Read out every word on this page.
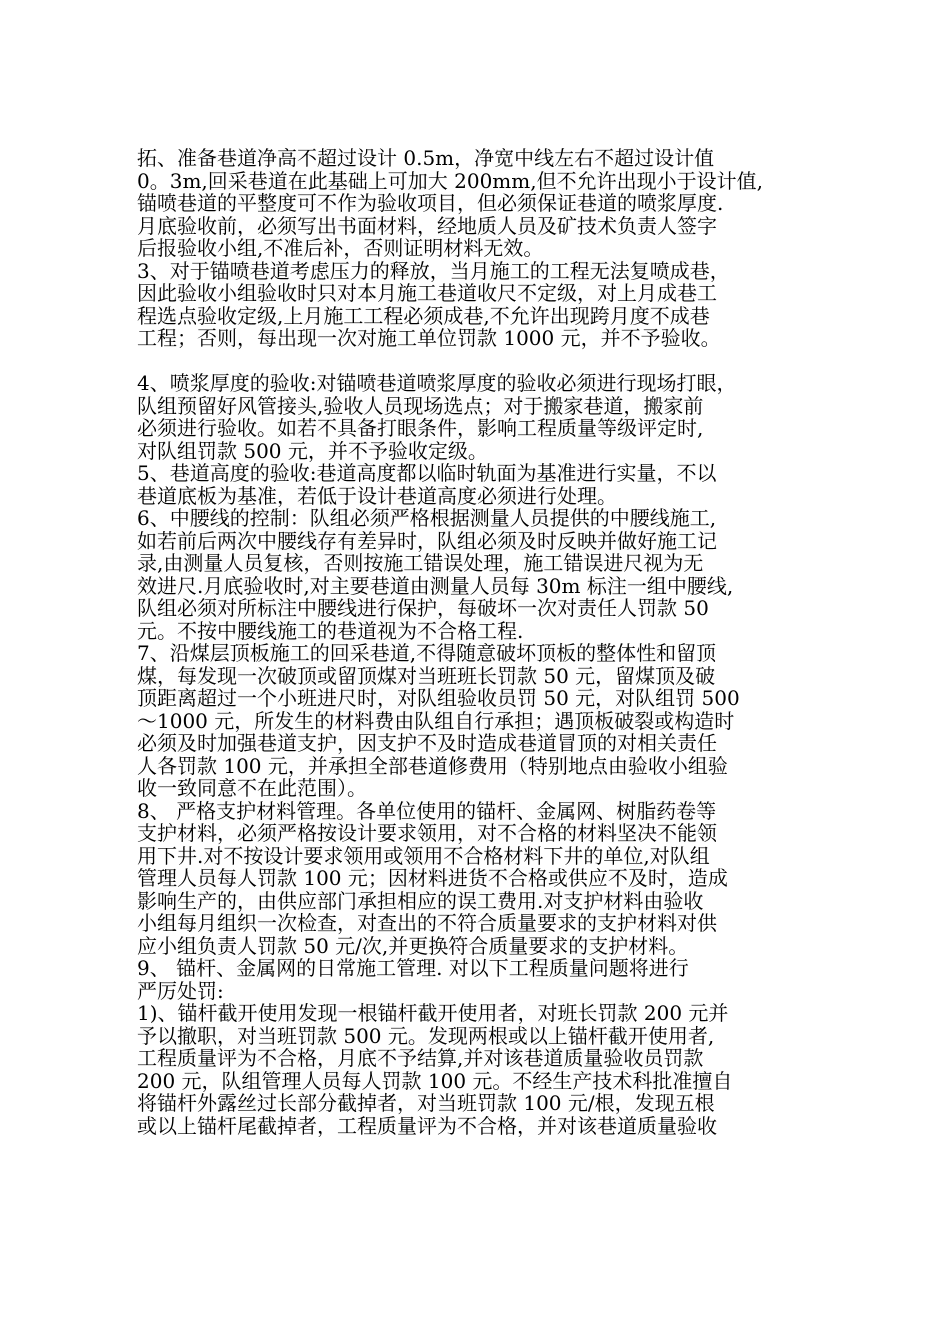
拓、准备巷道净高不超过设计 0.5m，净宽中线左右不超过设计值
0。3m,回采巷道在此基础上可加大 200mm,但不允许出现小于设计值,
锚喷巷道的平整度可不作为验收项目，但必须保证巷道的喷浆厚度.
月底验收前，必须写出书面材料，经地质人员及矿技术负责人签字
后报验收小组,不准后补，否则证明材料无效。
3、对于锚喷巷道考虑压力的释放，当月施工的工程无法复喷成巷，
因此验收小组验收时只对本月施工巷道收尺不定级，对上月成巷工
程选点验收定级,上月施工工程必须成巷,不允许出现跨月度不成巷
工程；否则，每出现一次对施工单位罚款 1000 元，并不予验收。
4、喷浆厚度的验收:对锚喷巷道喷浆厚度的验收必须进行现场打眼，
队组预留好风管接头,验收人员现场选点；对于搬家巷道，搬家前
必须进行验收。如若不具备打眼条件，影响工程质量等级评定时,
对队组罚款 500 元，并不予验收定级。
5、巷道高度的验收:巷道高度都以临时轨面为基准进行实量，不以
巷道底板为基准，若低于设计巷道高度必须进行处理。
6、中腰线的控制：队组必须严格根据测量人员提供的中腰线施工,
如若前后两次中腰线存有差异时，队组必须及时反映并做好施工记
录,由测量人员复核，否则按施工错误处理，施工错误进尺视为无
效进尺.月底验收时,对主要巷道由测量人员每 30m 标注一组中腰线,
队组必须对所标注中腰线进行保护，每破坏一次对责任人罚款 50
元。不按中腰线施工的巷道视为不合格工程.
7、沿煤层顶板施工的回采巷道,不得随意破坏顶板的整体性和留顶
煤，每发现一次破顶或留顶煤对当班班长罚款 50 元，留煤顶及破
顶距离超过一个小班进尺时，对队组验收员罚 50 元，对队组罚 500
～1000 元，所发生的材料费由队组自行承担；遇顶板破裂或构造时
必须及时加强巷道支护，因支护不及时造成巷道冒顶的对相关责任
人各罚款 100 元，并承担全部巷道修费用（特别地点由验收小组验
收一致同意不在此范围）。
8、 严格支护材料管理。各单位使用的锚杆、金属网、树脂药卷等
支护材料，必须严格按设计要求领用，对不合格的材料坚决不能领
用下井.对不按设计要求领用或领用不合格材料下井的单位,对队组
管理人员每人罚款 100 元；因材料进货不合格或供应不及时，造成
影响生产的，由供应部门承担相应的误工费用.对支护材料由验收
小组每月组织一次检查，对查出的不符合质量要求的支护材料对供
应小组负责人罚款 50 元/次,并更换符合质量要求的支护材料。
9、 锚杆、金属网的日常施工管理. 对以下工程质量问题将进行
严厉处罚:
1)、锚杆截开使用发现一根锚杆截开使用者，对班长罚款 200 元并
予以撤职，对当班罚款 500 元。发现两根或以上锚杆截开使用者,
工程质量评为不合格，月底不予结算,并对该巷道质量验收员罚款
200 元，队组管理人员每人罚款 100 元。不经生产技术科批准擅自
将锚杆外露丝过长部分截掉者，对当班罚款 100 元/根，发现五根
或以上锚杆尾截掉者，工程质量评为不合格，并对该巷道质量验收
